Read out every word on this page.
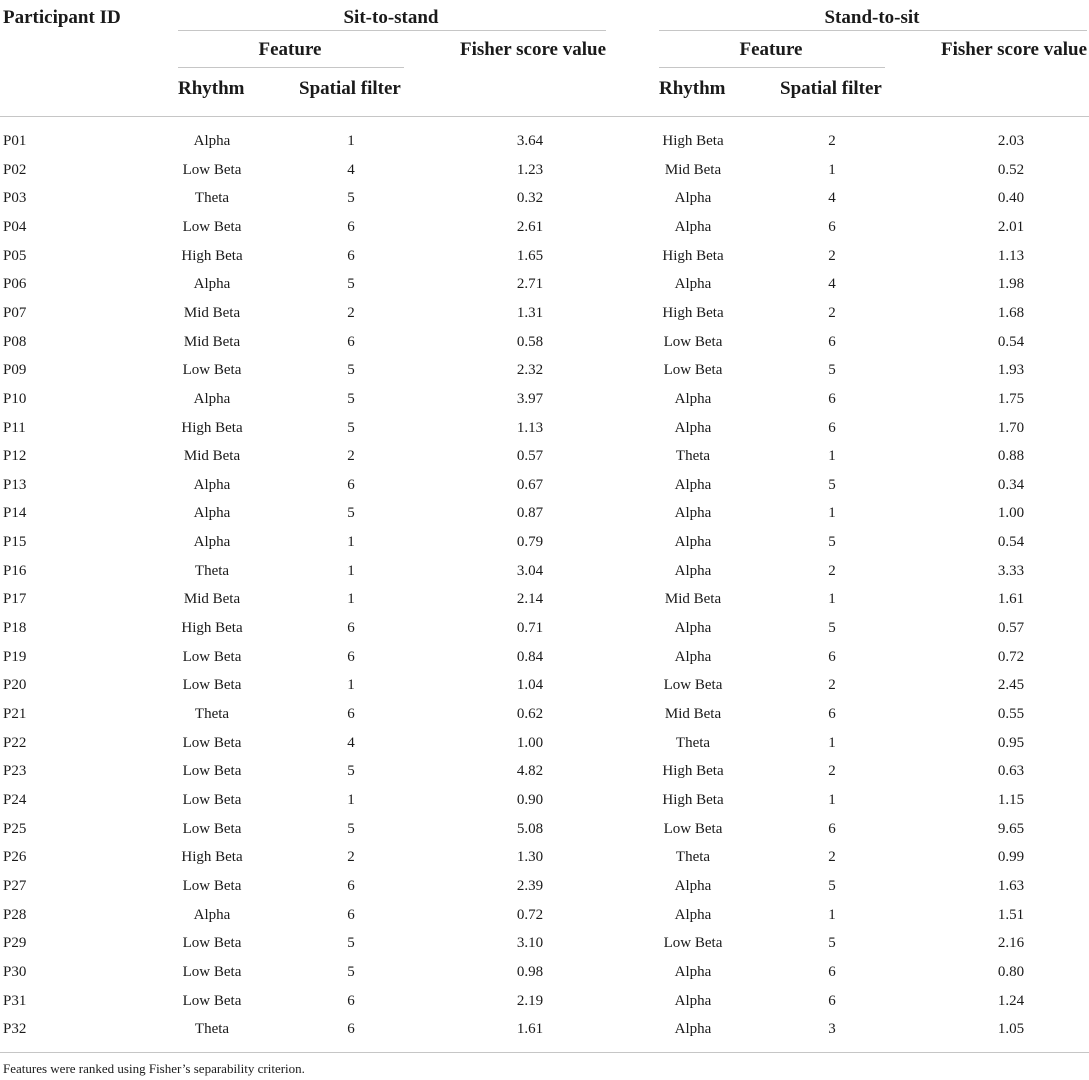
Participant ID	Sit-to-stand	Stand-to-sit
Feature	Fisher score value	Feature	Fisher score value
Rhythm	Spatial filter	Rhythm	Spatial filter
P01	Alpha	1	3.64	High Beta	2	2.03
P02	Low Beta	4	1.23	Mid Beta	1	0.52
P03	Theta	5	0.32	Alpha	4	0.40
P04	Low Beta	6	2.61	Alpha	6	2.01
P05	High Beta	6	1.65	High Beta	2	1.13
P06	Alpha	5	2.71	Alpha	4	1.98
P07	Mid Beta	2	1.31	High Beta	2	1.68
P08	Mid Beta	6	0.58	Low Beta	6	0.54
P09	Low Beta	5	2.32	Low Beta	5	1.93
P10	Alpha	5	3.97	Alpha	6	1.75
P11	High Beta	5	1.13	Alpha	6	1.70
P12	Mid Beta	2	0.57	Theta	1	0.88
P13	Alpha	6	0.67	Alpha	5	0.34
P14	Alpha	5	0.87	Alpha	1	1.00
P15	Alpha	1	0.79	Alpha	5	0.54
P16	Theta	1	3.04	Alpha	2	3.33
P17	Mid Beta	1	2.14	Mid Beta	1	1.61
P18	High Beta	6	0.71	Alpha	5	0.57
P19	Low Beta	6	0.84	Alpha	6	0.72
P20	Low Beta	1	1.04	Low Beta	2	2.45
P21	Theta	6	0.62	Mid Beta	6	0.55
P22	Low Beta	4	1.00	Theta	1	0.95
P23	Low Beta	5	4.82	High Beta	2	0.63
P24	Low Beta	1	0.90	High Beta	1	1.15
P25	Low Beta	5	5.08	Low Beta	6	9.65
P26	High Beta	2	1.30	Theta	2	0.99
P27	Low Beta	6	2.39	Alpha	5	1.63
P28	Alpha	6	0.72	Alpha	1	1.51
P29	Low Beta	5	3.10	Low Beta	5	2.16
P30	Low Beta	5	0.98	Alpha	6	0.80
P31	Low Beta	6	2.19	Alpha	6	1.24
P32	Theta	6	1.61	Alpha	3	1.05
Features were ranked using Fisher’s separability criterion.
